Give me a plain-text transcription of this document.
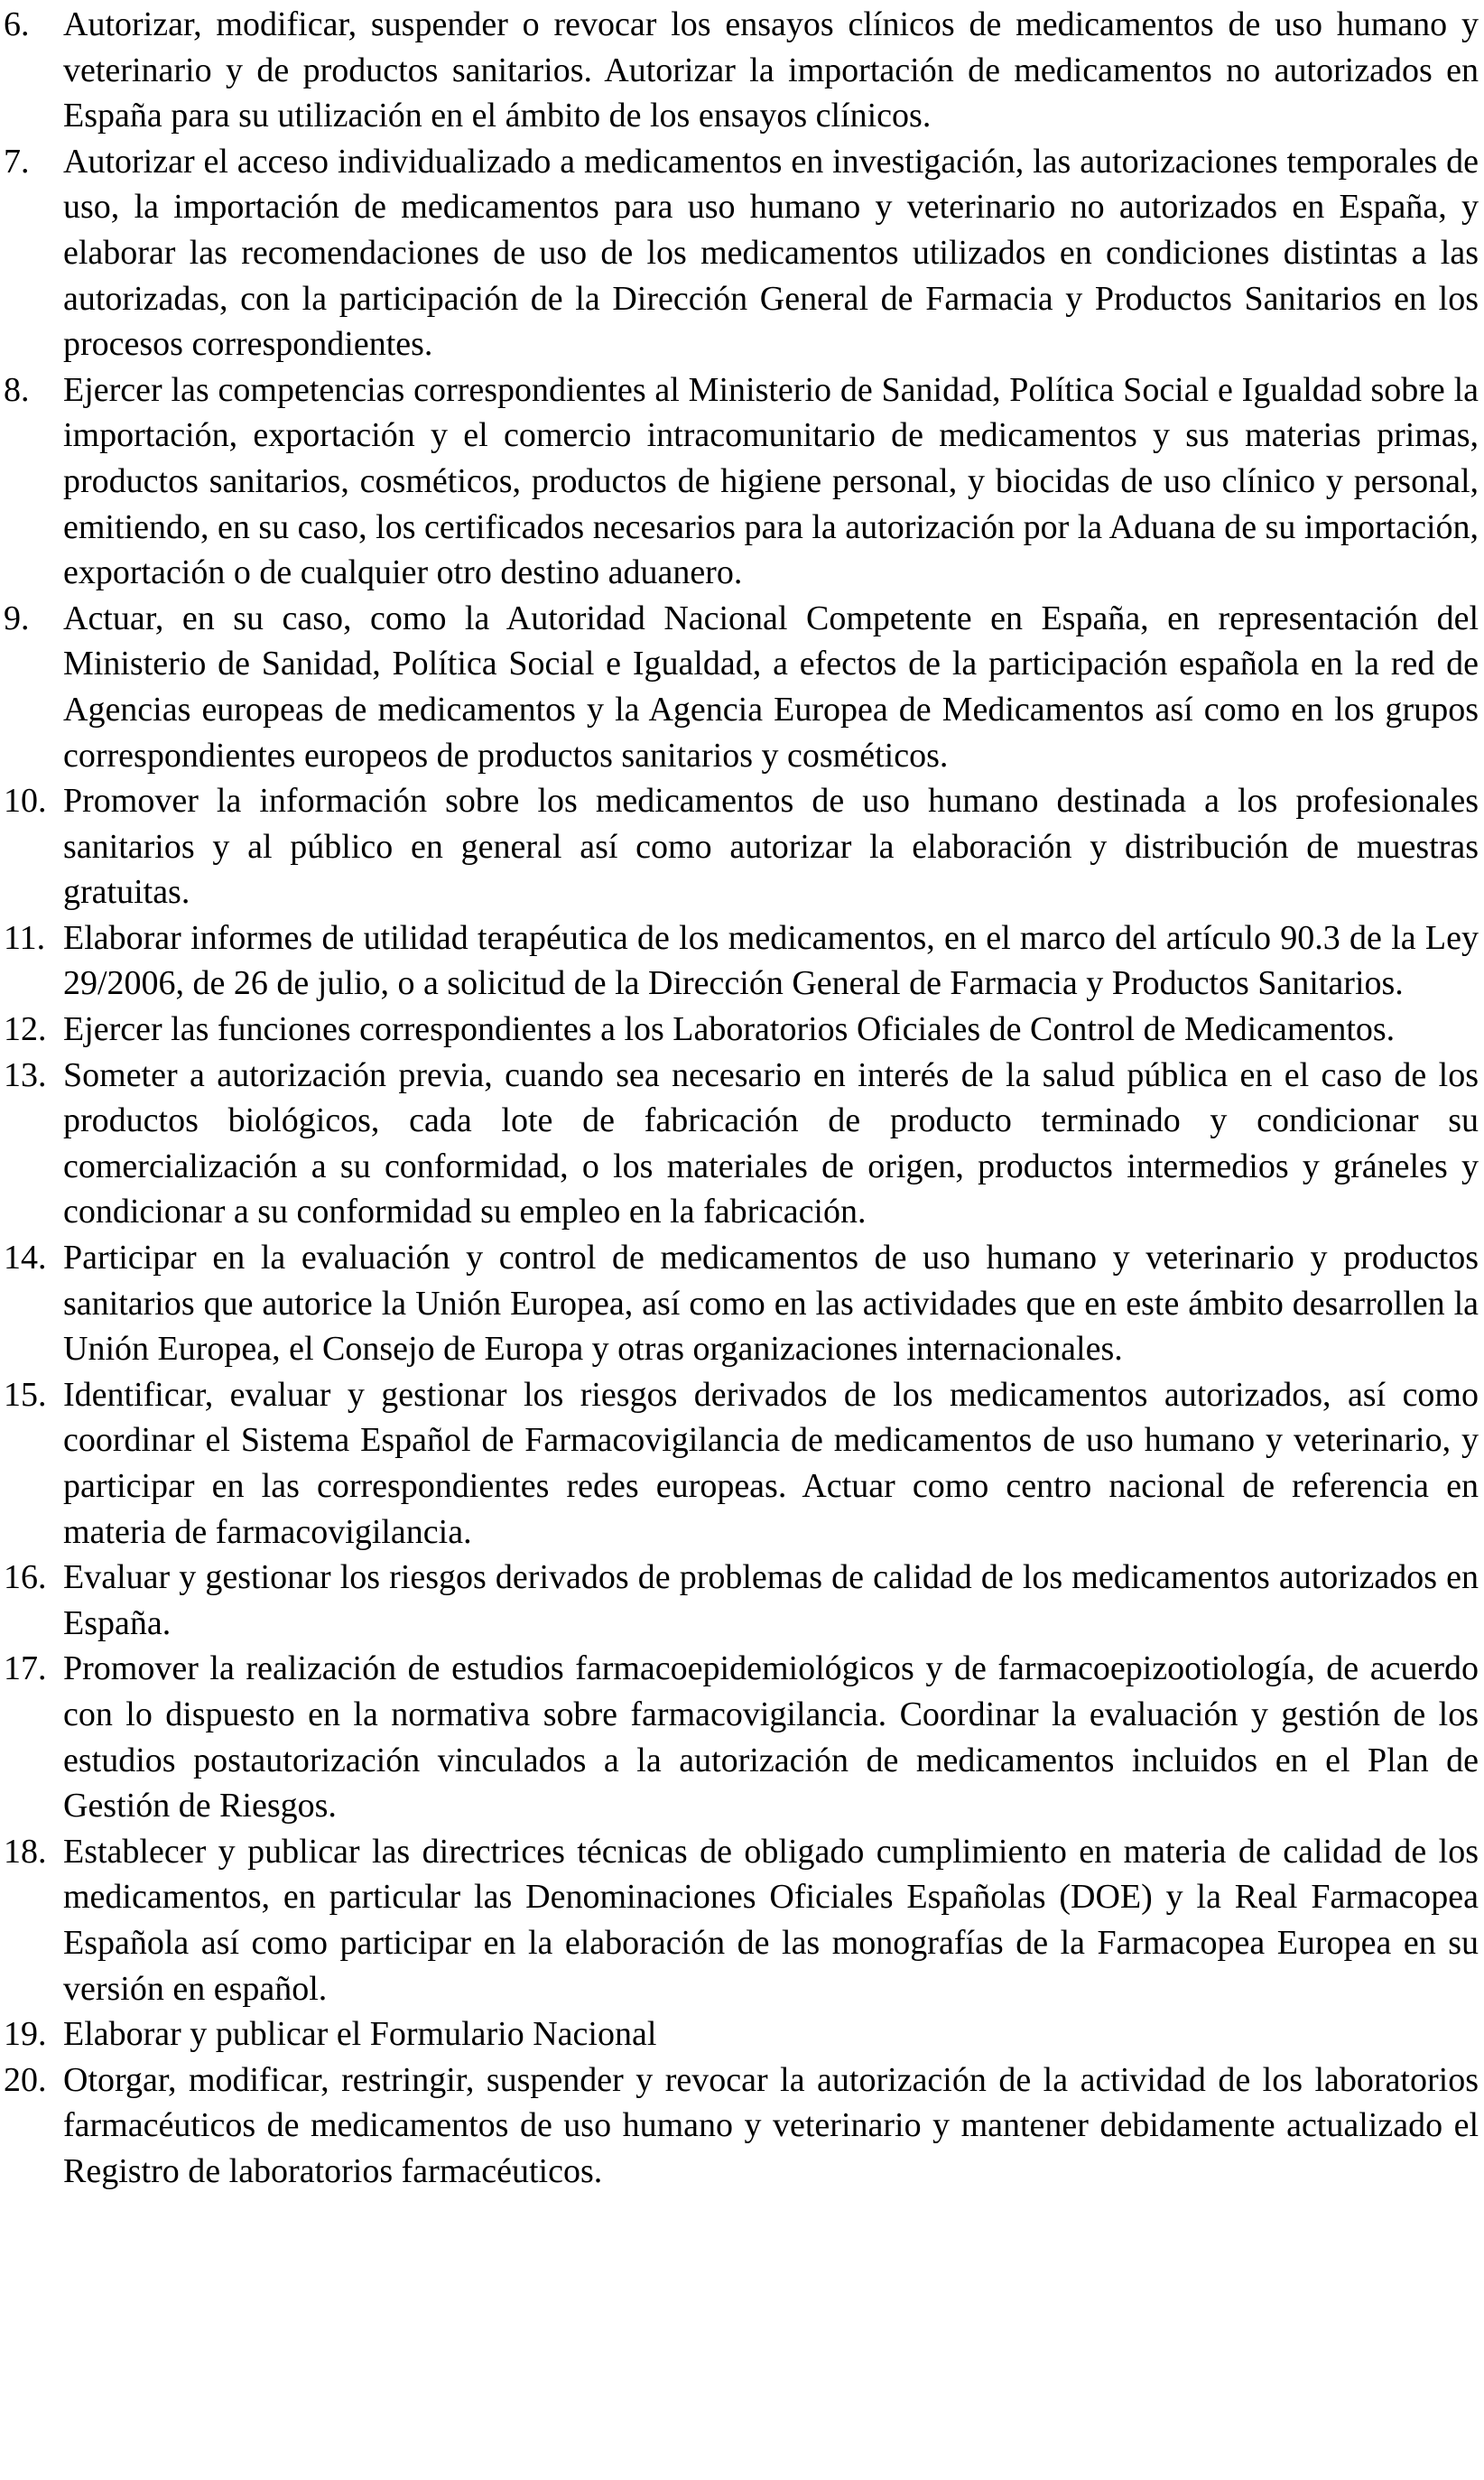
6. Autorizar, modificar, suspender o revocar los ensayos clínicos de medicamentos de uso humano y veterinario y de productos sanitarios. Autorizar la importación de medicamentos no autorizados en España para su utilización en el ámbito de los ensayos clínicos.
7. Autorizar el acceso individualizado a medicamentos en investigación, las autorizaciones temporales de uso, la importación de medicamentos para uso humano y veterinario no autorizados en España, y elaborar las recomendaciones de uso de los medicamentos utilizados en condiciones distintas a las autorizadas, con la participación de la Dirección General de Farmacia y Productos Sanitarios en los procesos correspondientes.
8. Ejercer las competencias correspondientes al Ministerio de Sanidad, Política Social e Igualdad sobre la importación, exportación y el comercio intracomunitario de medicamentos y sus materias primas, productos sanitarios, cosméticos, productos de higiene personal, y biocidas de uso clínico y personal, emitiendo, en su caso, los certificados necesarios para la autorización por la Aduana de su importación, exportación o de cualquier otro destino aduanero.
9. Actuar, en su caso, como la Autoridad Nacional Competente en España, en representación del Ministerio de Sanidad, Política Social e Igualdad, a efectos de la participación española en la red de Agencias europeas de medicamentos y la Agencia Europea de Medicamentos así como en los grupos correspondientes europeos de productos sanitarios y cosméticos.
10. Promover la información sobre los medicamentos de uso humano destinada a los profesionales sanitarios y al público en general así como autorizar la elaboración y distribución de muestras gratuitas.
11. Elaborar informes de utilidad terapéutica de los medicamentos, en el marco del artículo 90.3 de la Ley 29/2006, de 26 de julio, o a solicitud de la Dirección General de Farmacia y Productos Sanitarios.
12. Ejercer las funciones correspondientes a los Laboratorios Oficiales de Control de Medicamentos.
13. Someter a autorización previa, cuando sea necesario en interés de la salud pública en el caso de los productos biológicos, cada lote de fabricación de producto terminado y condicionar su comercialización a su conformidad, o los materiales de origen, productos intermedios y gráneles y condicionar a su conformidad su empleo en la fabricación.
14. Participar en la evaluación y control de medicamentos de uso humano y veterinario y productos sanitarios que autorice la Unión Europea, así como en las actividades que en este ámbito desarrollen la Unión Europea, el Consejo de Europa y otras organizaciones internacionales.
15. Identificar, evaluar y gestionar los riesgos derivados de los medicamentos autorizados, así como coordinar el Sistema Español de Farmacovigilancia de medicamentos de uso humano y veterinario, y participar en las correspondientes redes europeas. Actuar como centro nacional de referencia en materia de farmacovigilancia.
16. Evaluar y gestionar los riesgos derivados de problemas de calidad de los medicamentos autorizados en España.
17. Promover la realización de estudios farmacoepidemiológicos y de farmacoepizootiología, de acuerdo con lo dispuesto en la normativa sobre farmacovigilancia. Coordinar la evaluación y gestión de los estudios postautorización vinculados a la autorización de medicamentos incluidos en el Plan de Gestión de Riesgos.
18. Establecer y publicar las directrices técnicas de obligado cumplimiento en materia de calidad de los medicamentos, en particular las Denominaciones Oficiales Españolas (DOE) y la Real Farmacopea Española así como participar en la elaboración de las monografías de la Farmacopea Europea en su versión en español.
19. Elaborar y publicar el Formulario Nacional
20. Otorgar, modificar, restringir, suspender y revocar la autorización de la actividad de los laboratorios farmacéuticos de medicamentos de uso humano y veterinario y mantener debidamente actualizado el Registro de laboratorios farmacéuticos.
